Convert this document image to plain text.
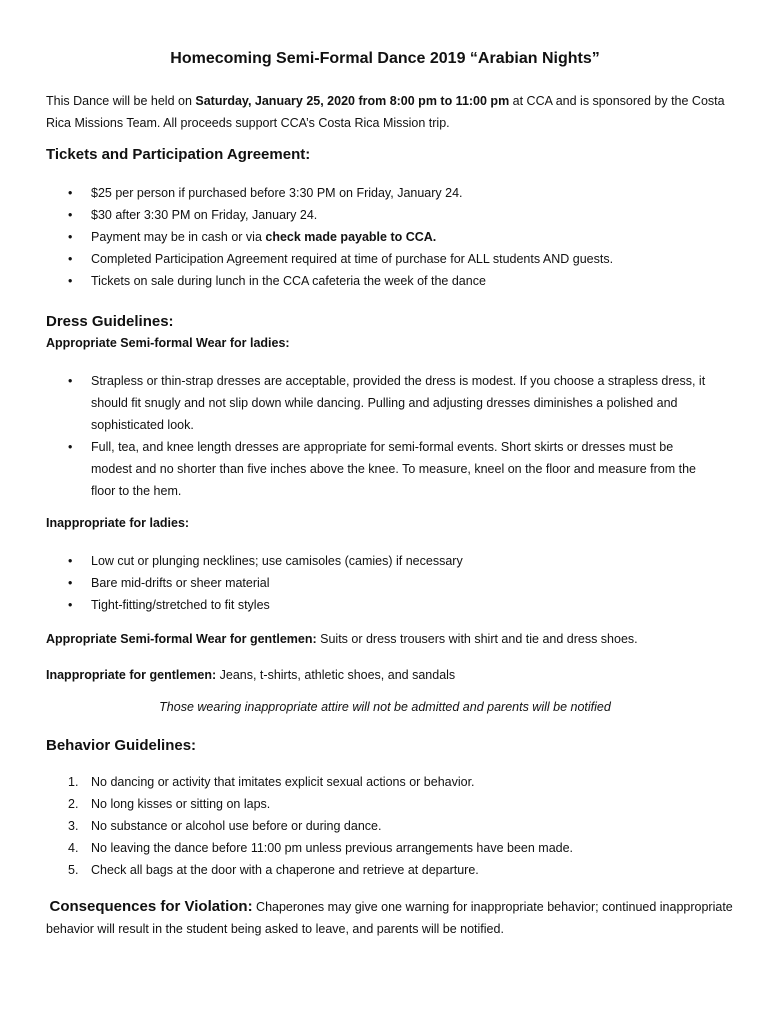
Homecoming Semi-Formal Dance 2019 “Arabian Nights”
This Dance will be held on Saturday, January 25, 2020 from 8:00 pm to 11:00 pm at CCA and is sponsored by the Costa Rica Missions Team. All proceeds support CCA’s Costa Rica Mission trip.
Tickets and Participation Agreement:
• $25 per person if purchased before 3:30 PM on Friday, January 24.
• $30 after 3:30 PM on Friday, January 24.
• Payment may be in cash or via check made payable to CCA.
• Completed Participation Agreement required at time of purchase for ALL students AND guests.
• Tickets on sale during lunch in the CCA cafeteria the week of the dance
Dress Guidelines:
Appropriate Semi-formal Wear for ladies:
• Strapless or thin-strap dresses are acceptable, provided the dress is modest. If you choose a strapless dress, it should fit snugly and not slip down while dancing. Pulling and adjusting dresses diminishes a polished and sophisticated look.
• Full, tea, and knee length dresses are appropriate for semi-formal events. Short skirts or dresses must be modest and no shorter than five inches above the knee. To measure, kneel on the floor and measure from the floor to the hem.
Inappropriate for ladies:
• Low cut or plunging necklines; use camisoles (camies) if necessary
• Bare mid-drifts or sheer material
• Tight-fitting/stretched to fit styles
Appropriate Semi-formal Wear for gentlemen: Suits or dress trousers with shirt and tie and dress shoes.
Inappropriate for gentlemen: Jeans, t-shirts, athletic shoes, and sandals
Those wearing inappropriate attire will not be admitted and parents will be notified
Behavior Guidelines:
1. No dancing or activity that imitates explicit sexual actions or behavior.
2. No long kisses or sitting on laps.
3. No substance or alcohol use before or during dance.
4. No leaving the dance before 11:00 pm unless previous arrangements have been made.
5. Check all bags at the door with a chaperone and retrieve at departure.
Consequences for Violation: Chaperones may give one warning for inappropriate behavior; continued inappropriate behavior will result in the student being asked to leave, and parents will be notified.
